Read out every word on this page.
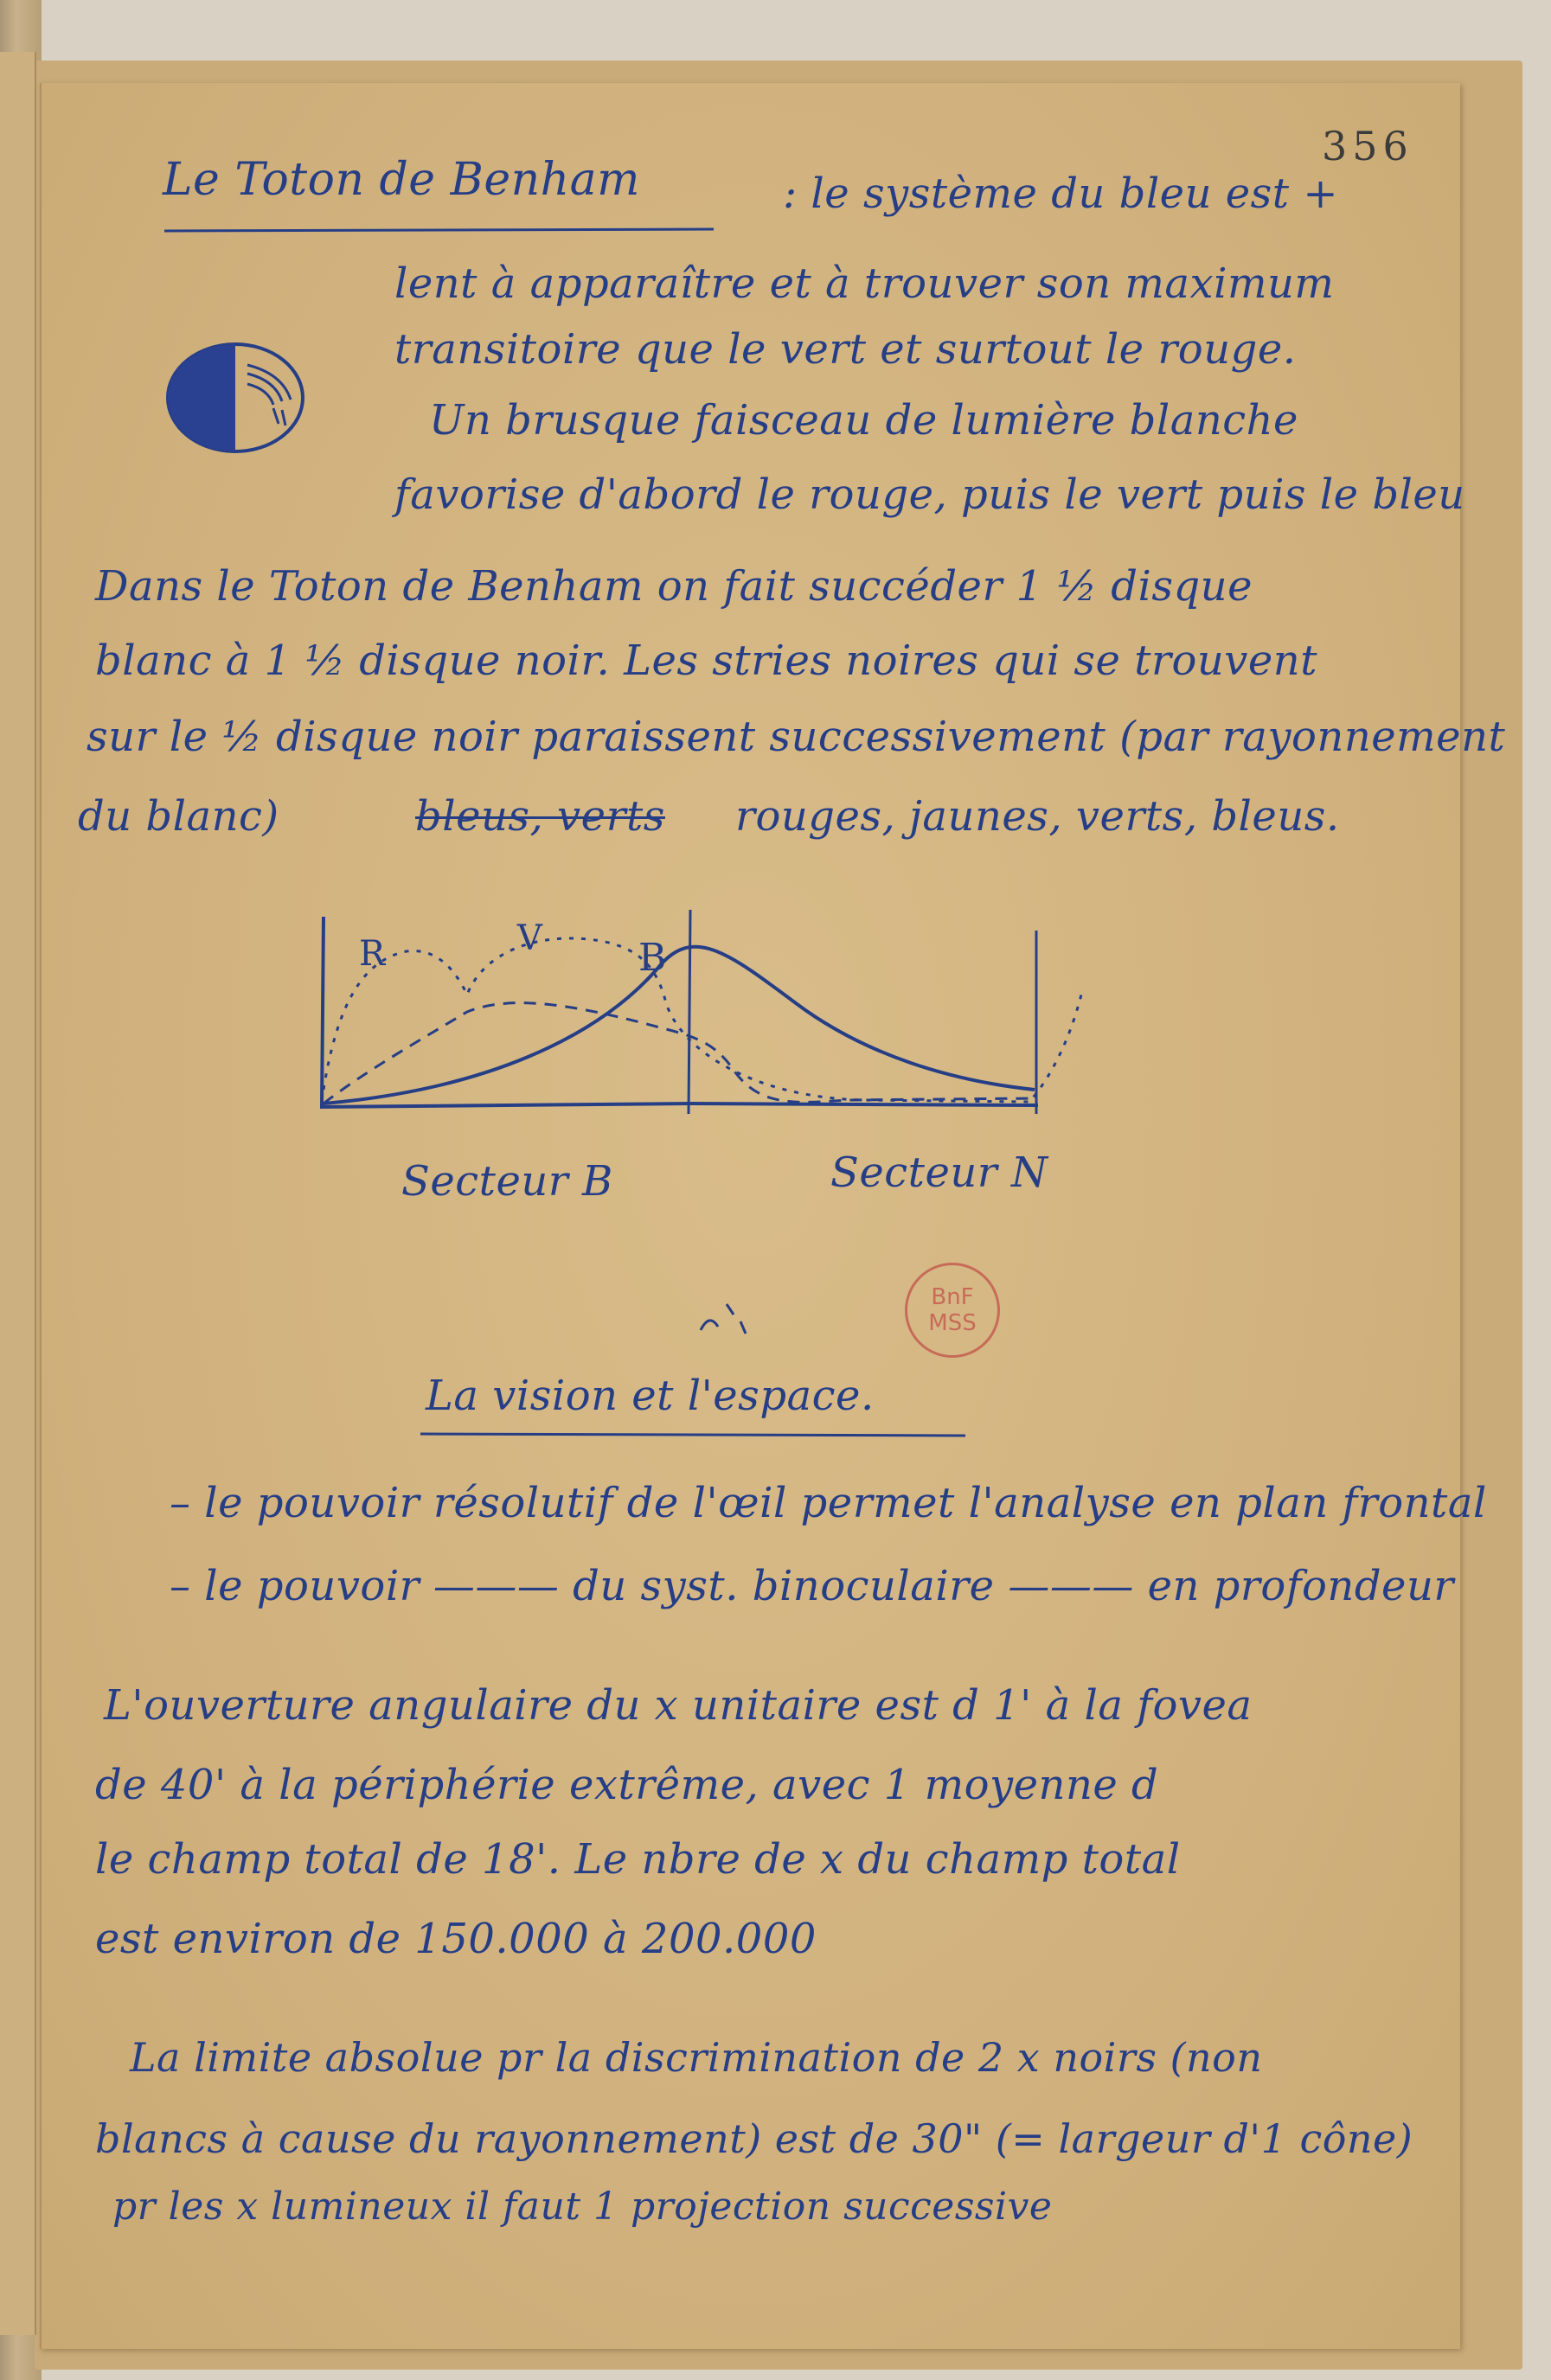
356
Le Toton de Benham	: le système du bleu est +
lent à apparaître et à trouver son maximum
transitoire que le vert et surtout le rouge.
Un brusque faisceau de lumière blanche
favorise d'abord le rouge, puis le vert puis le bleu
Dans le Toton de Benham on fait succéder 1 ½ disque
blanc à 1 ½ disque noir. Les stries noires qui se trouvent
sur le ½ disque noir paraissent successivement (par rayonnement
du blanc)	bleus, verts rouges, jaunes, verts, bleus.
R	V	B
Secteur B	Secteur N
BnF
MSS
La vision et l'espace.
– le pouvoir résolutif de l'œil permet l'analyse en plan frontal
– le pouvoir ——— du syst. binoculaire ——— en profondeur
L'ouverture angulaire du x unitaire est d 1' à la fovea
de 40' à la périphérie extrême, avec 1 moyenne d
le champ total de 18'. Le nbre de x du champ total
est environ de 150.000 à 200.000
La limite absolue pr la discrimination de 2 x noirs (non
blancs à cause du rayonnement) est de 30" (= largeur d'1 cône)
pr les x lumineux il faut 1 projection successive
